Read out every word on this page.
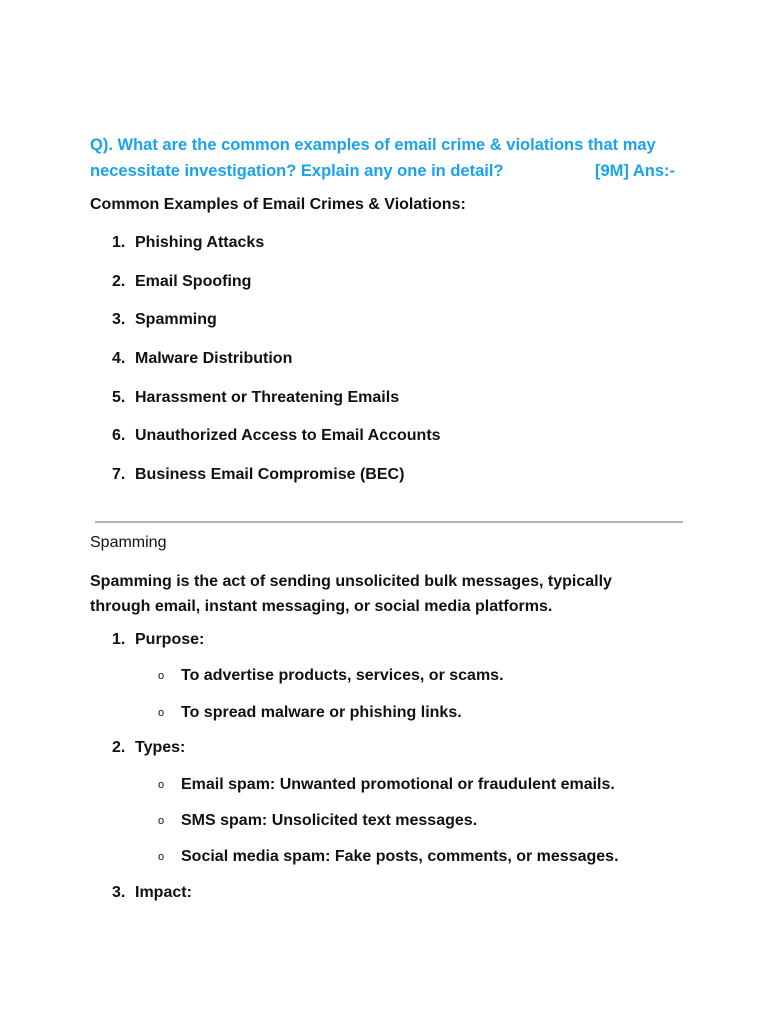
Q). What are the common examples of email crime & violations that may
necessitate investigation? Explain any one in detail?	[9M] Ans:-
Common Examples of Email Crimes & Violations:
1. Phishing Attacks
2. Email Spoofing
3. Spamming
4. Malware Distribution
5. Harassment or Threatening Emails
6. Unauthorized Access to Email Accounts
7. Business Email Compromise (BEC)
Spamming
Spamming is the act of sending unsolicited bulk messages, typically
through email, instant messaging, or social media platforms.
1. Purpose:
o To advertise products, services, or scams.
o To spread malware or phishing links.
2. Types:
o Email spam: Unwanted promotional or fraudulent emails.
o SMS spam: Unsolicited text messages.
o Social media spam: Fake posts, comments, or messages.
3. Impact:
